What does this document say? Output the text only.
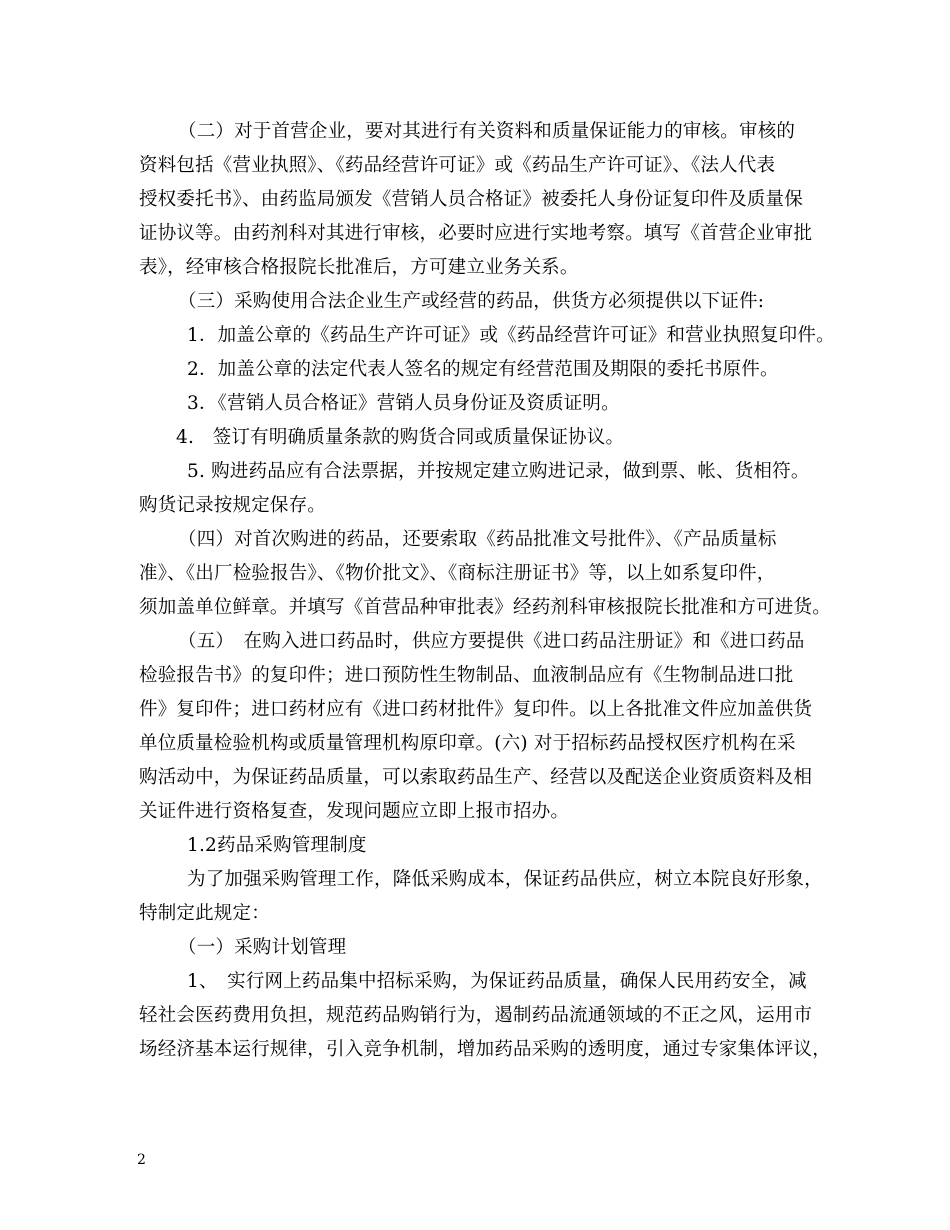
（二）对于首营企业，要对其进行有关资料和质量保证能力的审核。审核的
资料包括《营业执照》、《药品经营许可证》或《药品生产许可证》、《法人代表
授权委托书》、由药监局颁发《营销人员合格证》被委托人身份证复印件及质量保
证协议等。由药剂科对其进行审核，必要时应进行实地考察。填写《首营企业审批
表》，经审核合格报院长批准后，方可建立业务关系。
（三）采购使用合法企业生产或经营的药品，供货方必须提供以下证件:
1．加盖公章的《药品生产许可证》或《药品经营许可证》和营业执照复印件。
2．加盖公章的法定代表人签名的规定有经营范围及期限的委托书原件。
3．《营销人员合格证》营销人员身份证及资质证明。
4.　签订有明确质量条款的购货合同或质量保证协议。
5. 购进药品应有合法票据，并按规定建立购进记录，做到票、帐、货相符。
购货记录按规定保存。
（四）对首次购进的药品，还要索取《药品批准文号批件》、《产品质量标
准》、《出厂检验报告》、《物价批文》、《商标注册证书》等，以上如系复印件，
须加盖单位鲜章。并填写《首营品种审批表》经药剂科审核报院长批准和方可进货。
（五）　在购入进口药品时，供应方要提供《进口药品注册证》和《进口药品
检验报告书》的复印件；进口预防性生物制品、血液制品应有《生物制品进口批
件》复印件；进口药材应有《进口药材批件》复印件。以上各批准文件应加盖供货
单位质量检验机构或质量管理机构原印章。(六) 对于招标药品授权医疗机构在采
购活动中，为保证药品质量，可以索取药品生产、经营以及配送企业资质资料及相
关证件进行资格复查，发现问题应立即上报市招办。
1.2药品采购管理制度
为了加强采购管理工作，降低采购成本，保证药品供应，树立本院良好形象，
特制定此规定：
（一）采购计划管理
1、　实行网上药品集中招标采购，为保证药品质量，确保人民用药安全，减
轻社会医药费用负担，规范药品购销行为，遏制药品流通领域的不正之风，运用市
场经济基本运行规律，引入竞争机制，增加药品采购的透明度，通过专家集体评议，
2
